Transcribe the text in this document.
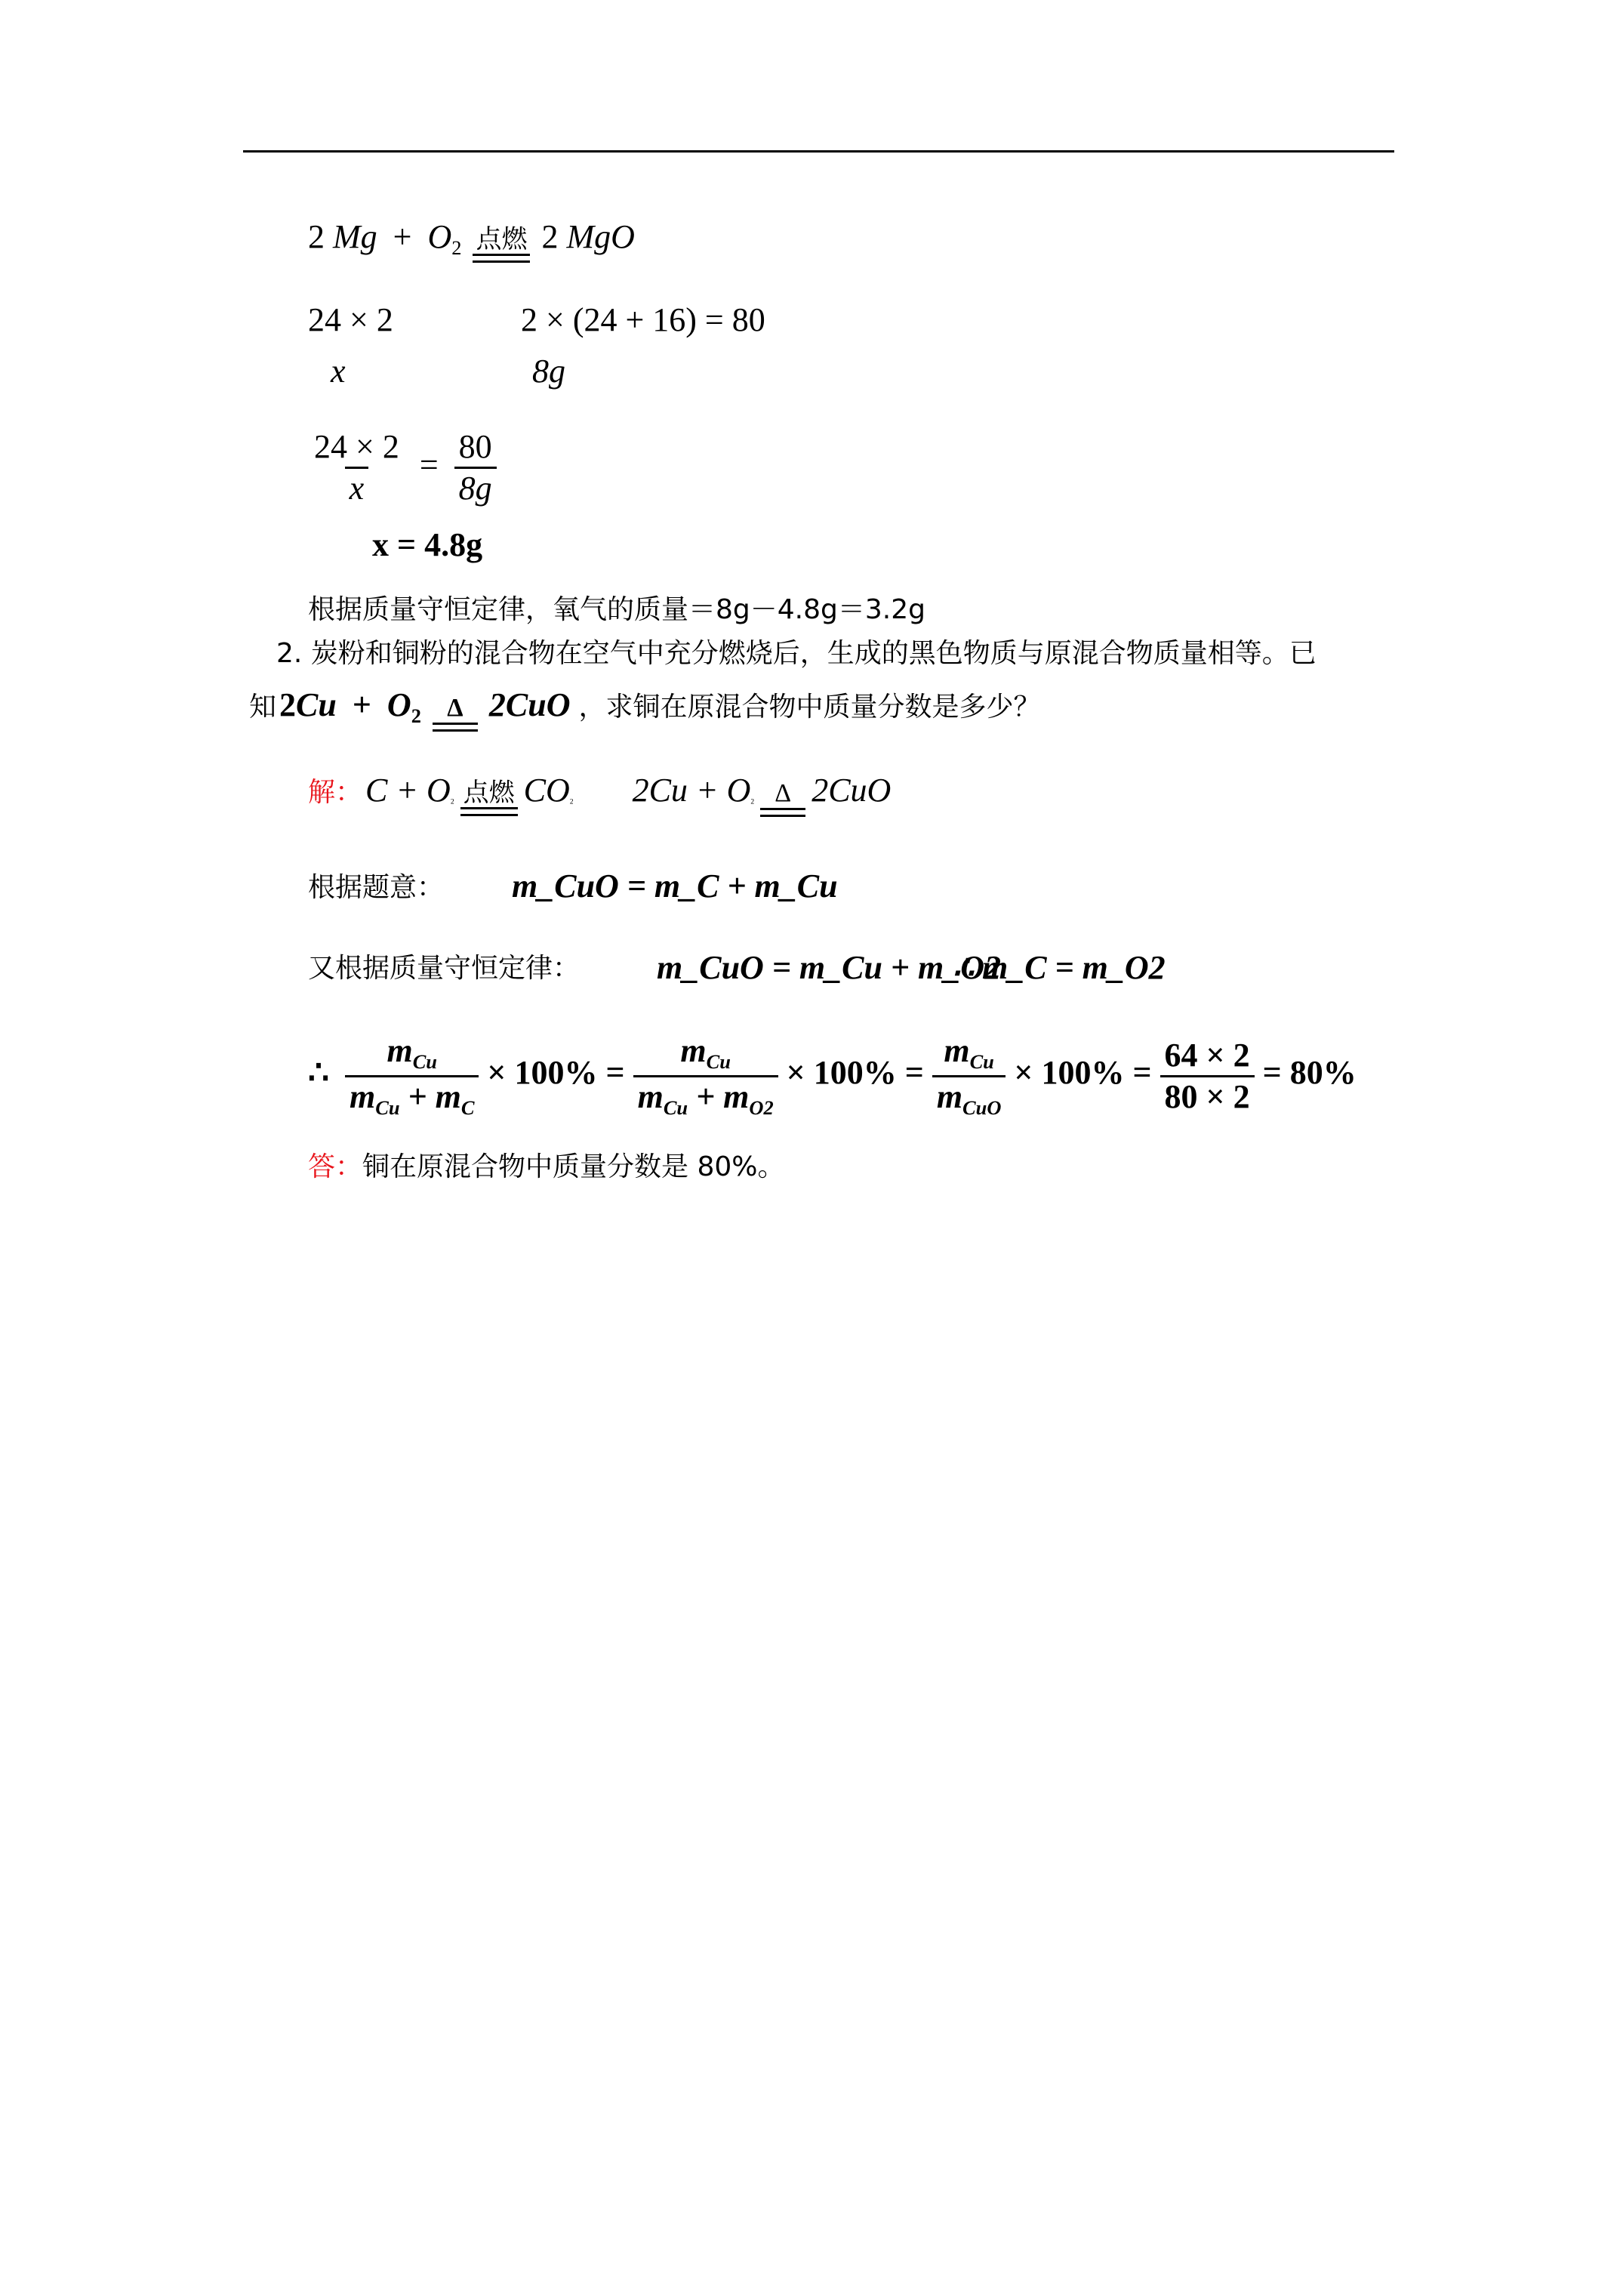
2 $Mg + O_2$ 点燃 2 MgO
24 × 2	2 × (24 + 16) = 80
x	8g
$\frac{24 \times 2}{x} = \frac{80}{8g}$
x = 4.8g
根据质量守恒定律，氧气的质量＝8g－4.8g＝3.2g
2. 炭粉和铜粉的混合物在空气中充分燃烧后，生成的黑色物质与原混合物质量相等。已
知 $2Cu + O_2$	Δ 2CuO ，求铜在原混合物中质量分数是多少？
解： $C + O_2$ 点燃 $CO_2$ $2Cu + O_2$ Δ 2CuO
根据题意： m_CuO = m_C + m_Cu
又根据质量守恒定律： m_CuO = m_Cu + m_O2
∴ m_C = m_O2
∴ $\frac{m_{Cu}}{m_{Cu} + m_C} \times 100\% = \frac{m_{Cu}}{m_{Cu} + m_{O2}} \times 100\% = \frac{m_{Cu}}{m_{CuO}} \times 100\% = \frac{64 \times 2}{80 \times 2} = 80\%$
答：铜在原混合物中质量分数是 80%。
